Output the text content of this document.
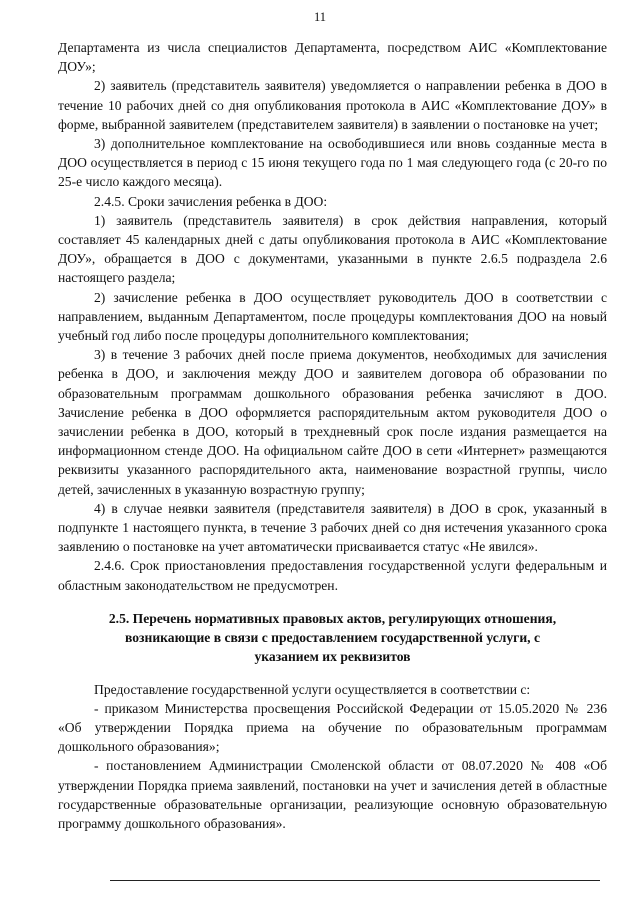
11

Департамента из числа специалистов Департамента, посредством АИС «Комплектование ДОУ»;

2) заявитель (представитель заявителя) уведомляется о направлении ребенка в ДОО в течение 10 рабочих дней со дня опубликования протокола в АИС «Комплектование ДОУ» в форме, выбранной заявителем (представителем заявителя) в заявлении о постановке на учет;

3) дополнительное комплектование на освободившиеся или вновь созданные места в ДОО осуществляется в период с 15 июня текущего года по 1 мая следующего года (с 20-го по 25-е число каждого месяца).

2.4.5. Сроки зачисления ребенка в ДОО:

1) заявитель (представитель заявителя) в срок действия направления, который составляет 45 календарных дней с даты опубликования протокола в АИС «Комплектование ДОУ», обращается в ДОО с документами, указанными в пункте 2.6.5 подраздела 2.6 настоящего раздела;

2) зачисление ребенка в ДОО осуществляет руководитель ДОО в соответствии с направлением, выданным Департаментом, после процедуры комплектования ДОО на новый учебный год либо после процедуры дополнительного комплектования;

3) в течение 3 рабочих дней после приема документов, необходимых для зачисления ребенка в ДОО, и заключения между ДОО и заявителем договора об образовании по образовательным программам дошкольного образования ребенка зачисляют в ДОО. Зачисление ребенка в ДОО оформляется распорядительным актом руководителя ДОО о зачислении ребенка в ДОО, который в трехдневный срок после издания размещается на информационном стенде ДОО. На официальном сайте ДОО в сети «Интернет» размещаются реквизиты указанного распорядительного акта, наименование возрастной группы, число детей, зачисленных в указанную возрастную группу;

4) в случае неявки заявителя (представителя заявителя) в ДОО в срок, указанный в подпункте 1 настоящего пункта, в течение 3 рабочих дней со дня истечения указанного срока заявлению о постановке на учет автоматически присваивается статус «Не явился».

2.4.6. Срок приостановления предоставления государственной услуги федеральным и областным законодательством не предусмотрен.

2.5. Перечень нормативных правовых актов, регулирующих отношения, возникающие в связи с предоставлением государственной услуги, с указанием их реквизитов

Предоставление государственной услуги осуществляется в соответствии с:

- приказом Министерства просвещения Российской Федерации от 15.05.2020 № 236 «Об утверждении Порядка приема на обучение по образовательным программам дошкольного образования»;

- постановлением Администрации Смоленской области от 08.07.2020 № 408 «Об утверждении Порядка приема заявлений, постановки на учет и зачисления детей в областные государственные образовательные организации, реализующие основную образовательную программу дошкольного образования».
